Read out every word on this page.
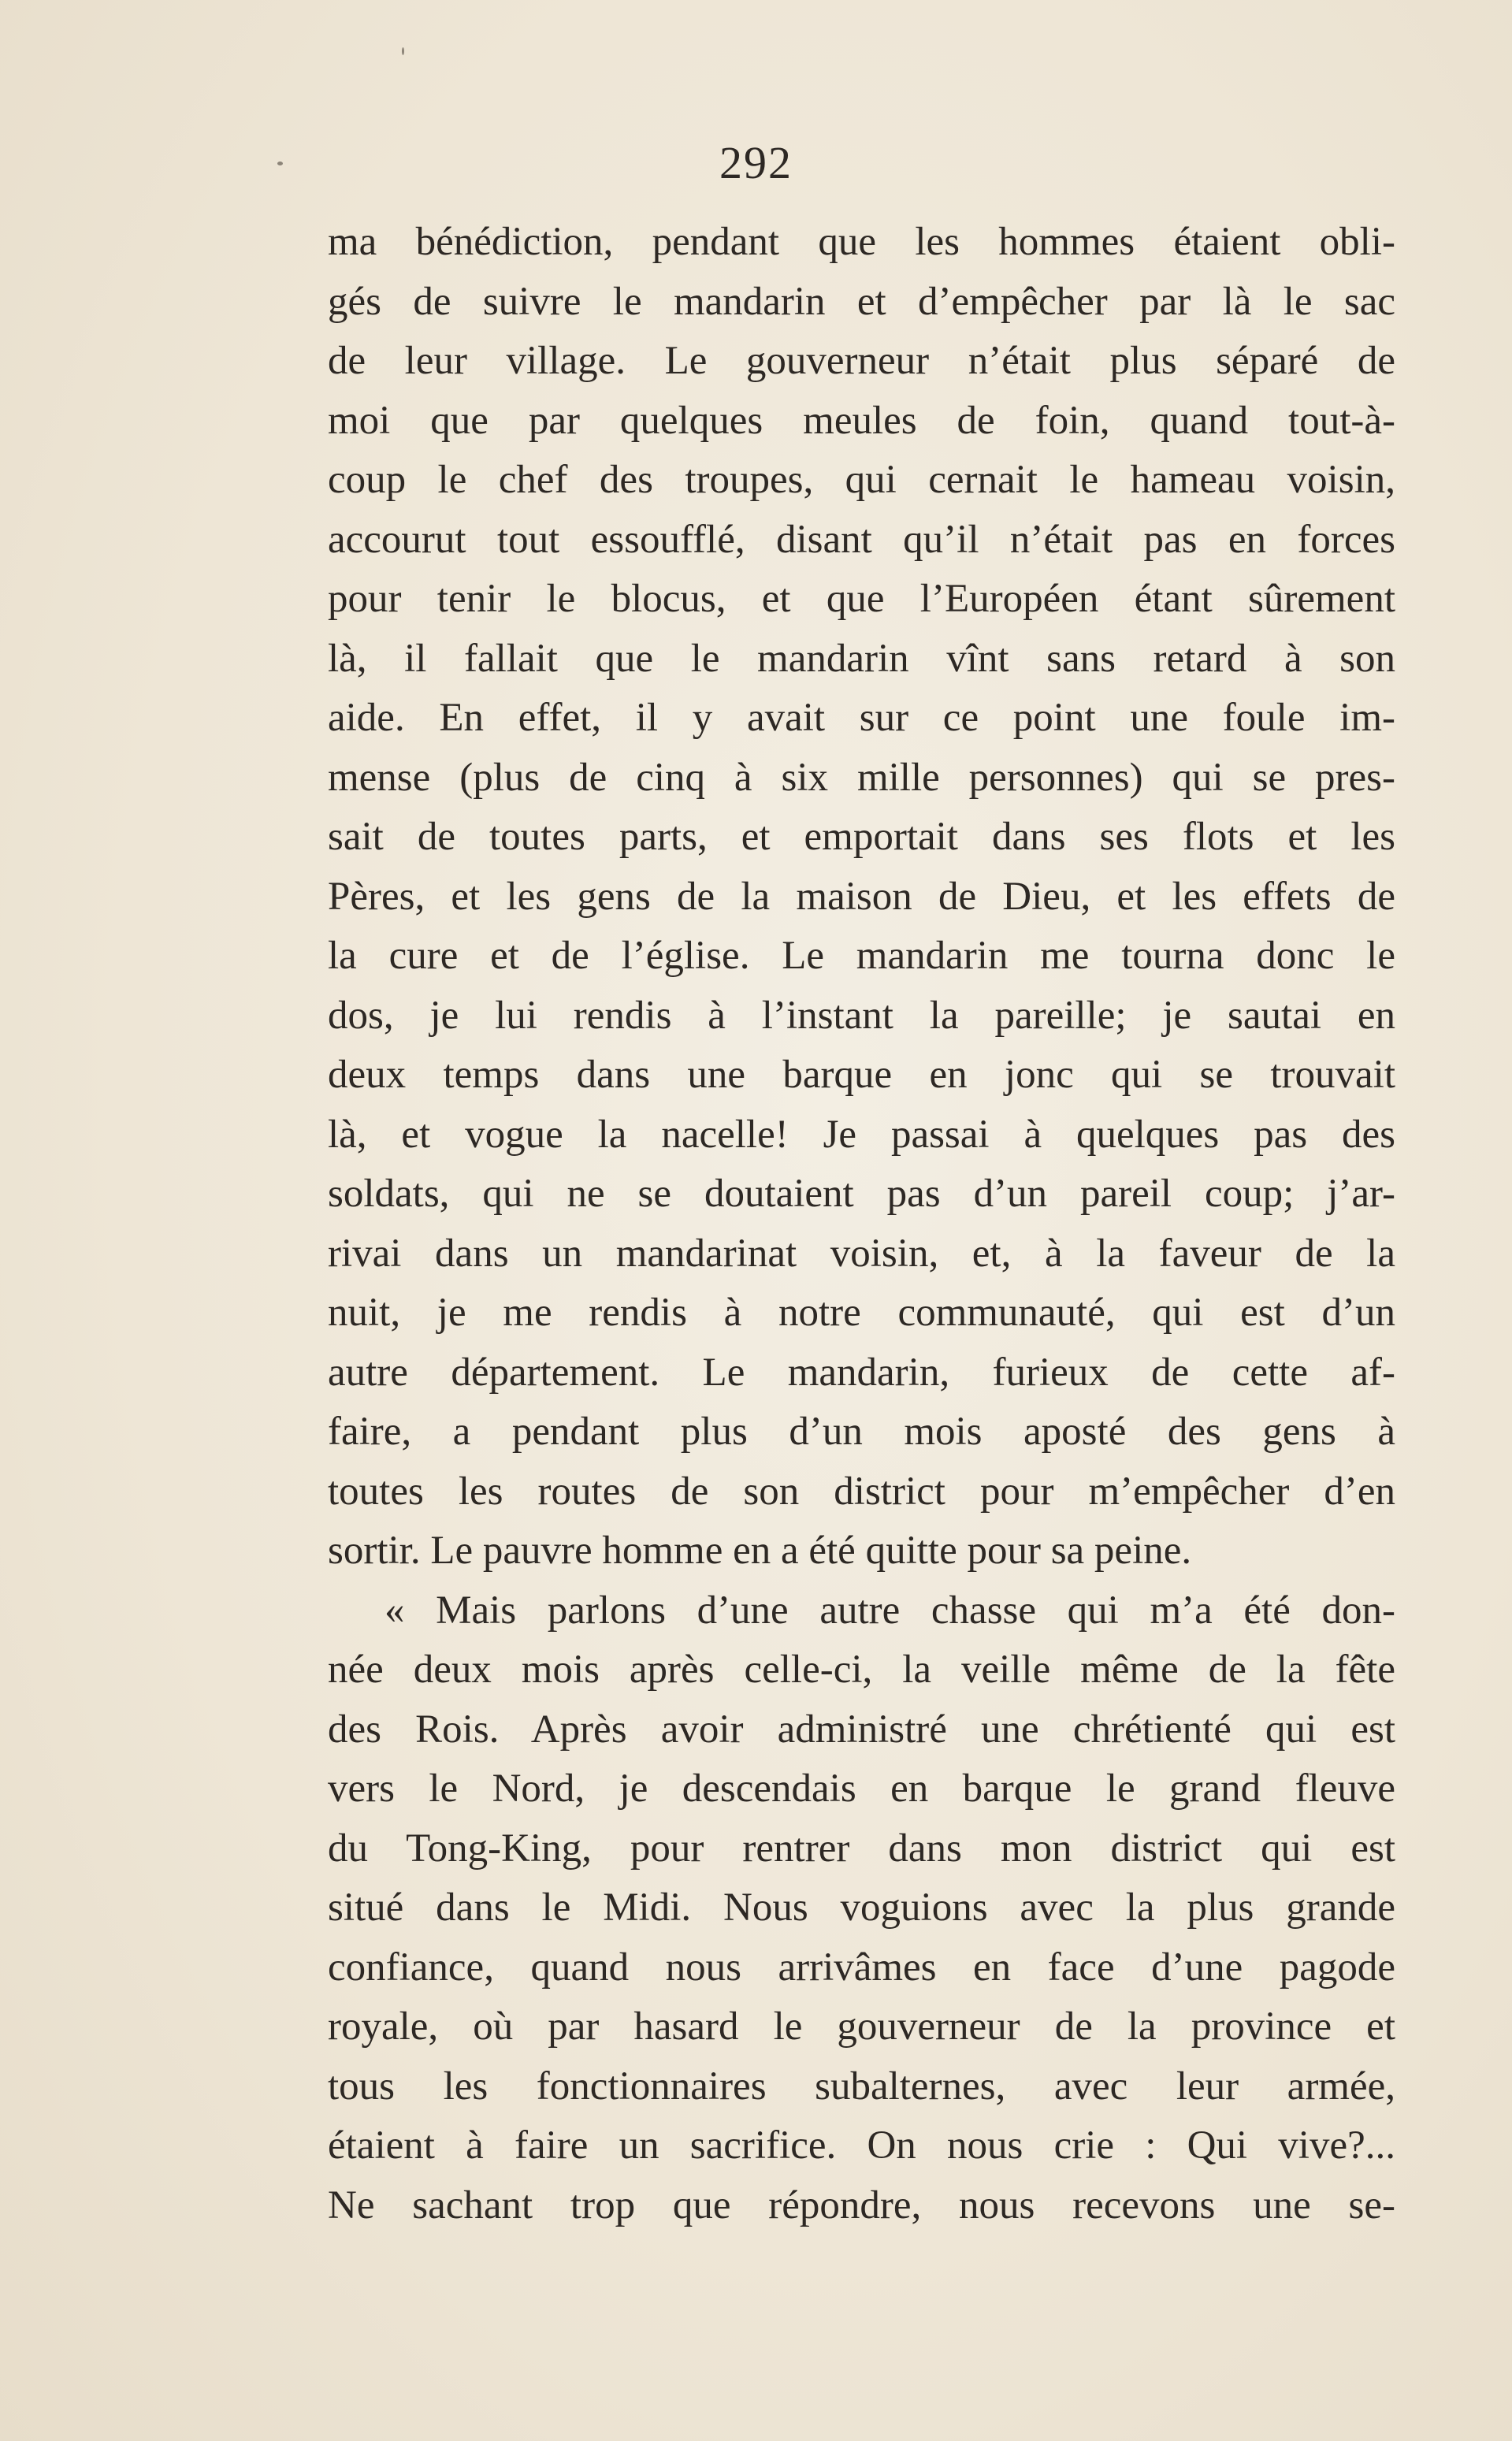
292
ma bénédiction, pendant que les hommes étaient obli-
gés de suivre le mandarin et d’empêcher par là le sac
de leur village. Le gouverneur n’était plus séparé de
moi que par quelques meules de foin, quand tout-à-
coup le chef des troupes, qui cernait le hameau voisin,
accourut tout essoufflé, disant qu’il n’était pas en forces
pour tenir le blocus, et que l’Européen étant sûrement
là, il fallait que le mandarin vînt sans retard à son
aide. En effet, il y avait sur ce point une foule im-
mense (plus de cinq à six mille personnes) qui se pres-
sait de toutes parts, et emportait dans ses flots et les
Pères, et les gens de la maison de Dieu, et les effets de
la cure et de l’église. Le mandarin me tourna donc le
dos, je lui rendis à l’instant la pareille; je sautai en
deux temps dans une barque en jonc qui se trouvait
là, et vogue la nacelle! Je passai à quelques pas des
soldats, qui ne se doutaient pas d’un pareil coup; j’ar-
rivai dans un mandarinat voisin, et, à la faveur de la
nuit, je me rendis à notre communauté, qui est d’un
autre département. Le mandarin, furieux de cette af-
faire, a pendant plus d’un mois aposté des gens à
toutes les routes de son district pour m’empêcher d’en
sortir. Le pauvre homme en a été quitte pour sa peine.
« Mais parlons d’une autre chasse qui m’a été don-
née deux mois après celle-ci, la veille même de la fête
des Rois. Après avoir administré une chrétienté qui est
vers le Nord, je descendais en barque le grand fleuve
du Tong-King, pour rentrer dans mon district qui est
situé dans le Midi. Nous voguions avec la plus grande
confiance, quand nous arrivâmes en face d’une pagode
royale, où par hasard le gouverneur de la province et
tous les fonctionnaires subalternes, avec leur armée,
étaient à faire un sacrifice. On nous crie : Qui vive?...
Ne sachant trop que répondre, nous recevons une se-
